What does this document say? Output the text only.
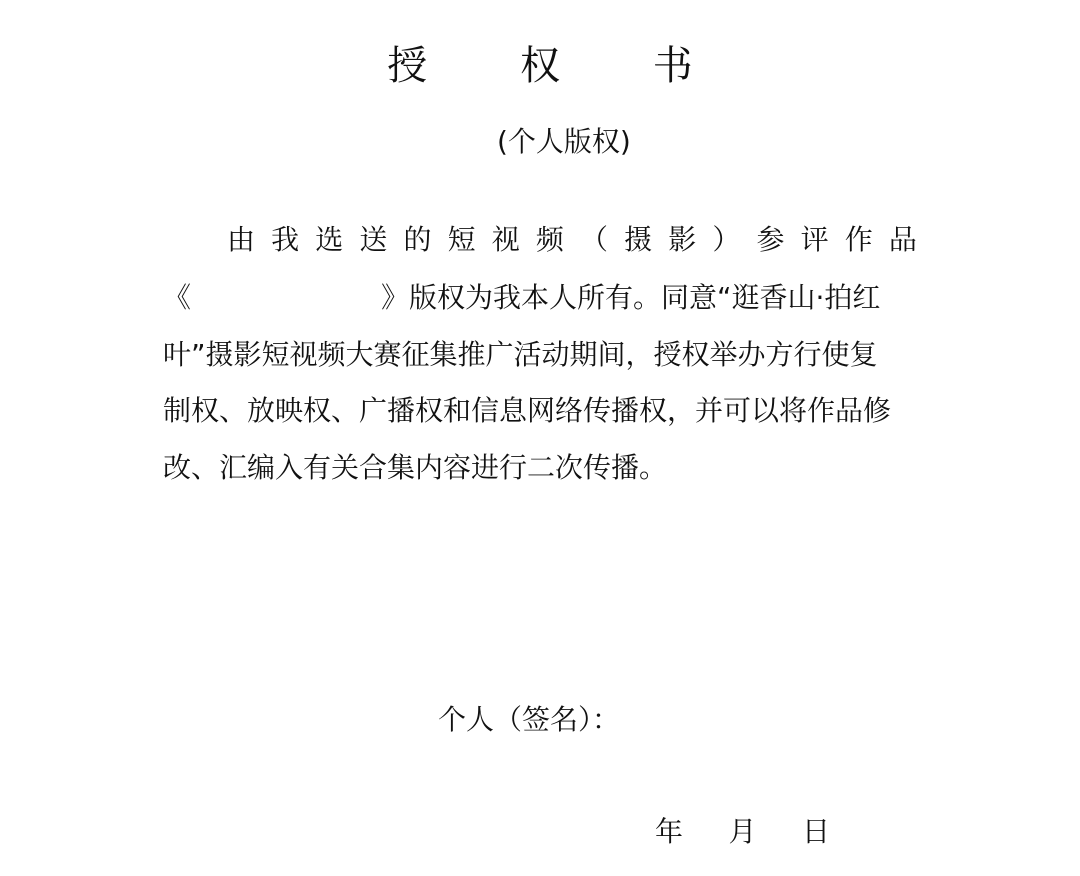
授 权 书
(个人版权)
由 我 选 送 的 短 视 频 （ 摄 影 ） 参 评 作 品
《	》版权为我本人所有。同意“逛香山·拍红
叶”摄影短视频大赛征集推广活动期间，授权举办方行使复
制权、放映权、广播权和信息网络传播权，并可以将作品修
改、汇编入有关合集内容进行二次传播。
个人（签名）：
年 月 日
